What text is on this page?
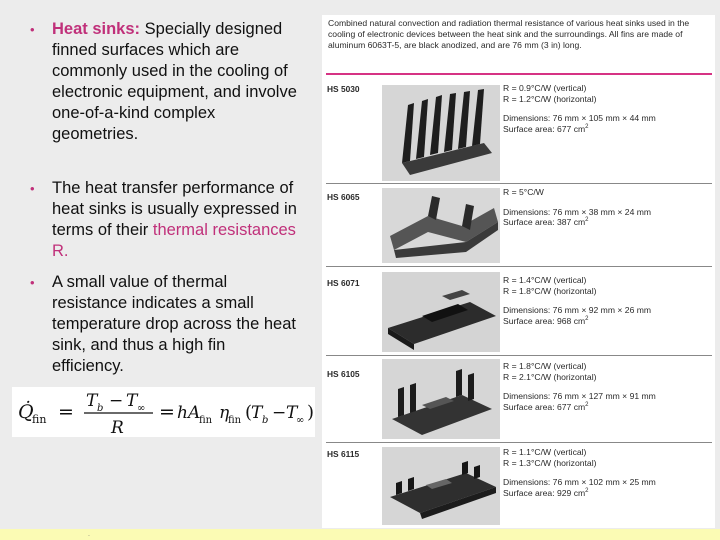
• Heat sinks: Specially designed finned surfaces which are commonly used in the cooling of electronic equipment, and involve one-of-a-kind complex geometries.
• The heat transfer performance of heat sinks is usually expressed in terms of their thermal resistances R.
• A small value of thermal resistance indicates a small temperature drop across the heat sink, and thus a high fin efficiency.
Q̇
fin = T b − T ∞
R
= hA
fin η
fin (
T b − T
∞ )
Combined natural convection and radiation thermal resistance of various heat sinks used in the cooling of electronic devices between the heat sink and the surroundings. All fins are made of aluminum 6063T-5, are black anodized, and are 76 mm (3 in) long.
HS 5030	R = 0.9°C/W (vertical)
R = 1.2°C/W (horizontal)
Dimensions: 76 mm × 105 mm × 44 mm
Surface area: 677 $cm^2$
HS 6065	R = 5°C/W
Dimensions: 76 mm × 38 mm × 24 mm
Surface area: 387 $cm^2$
HS 6071	R = 1.4°C/W (vertical)
R = 1.8°C/W (horizontal)
Dimensions: 76 mm × 92 mm × 26 mm
Surface area: 968 $cm^2$
HS 6105
R = 1.8°C/W (vertical)
R = 2.1°C/W (horizontal)
Dimensions: 76 mm × 127 mm × 91 mm
Surface area: 677 $cm^2$
HS 6115	R = 1.1°C/W (vertical)
R = 1.3°C/W (horizontal)
Dimensions: 76 mm × 102 mm × 25 mm
Surface area: 929 $cm^2$
.
